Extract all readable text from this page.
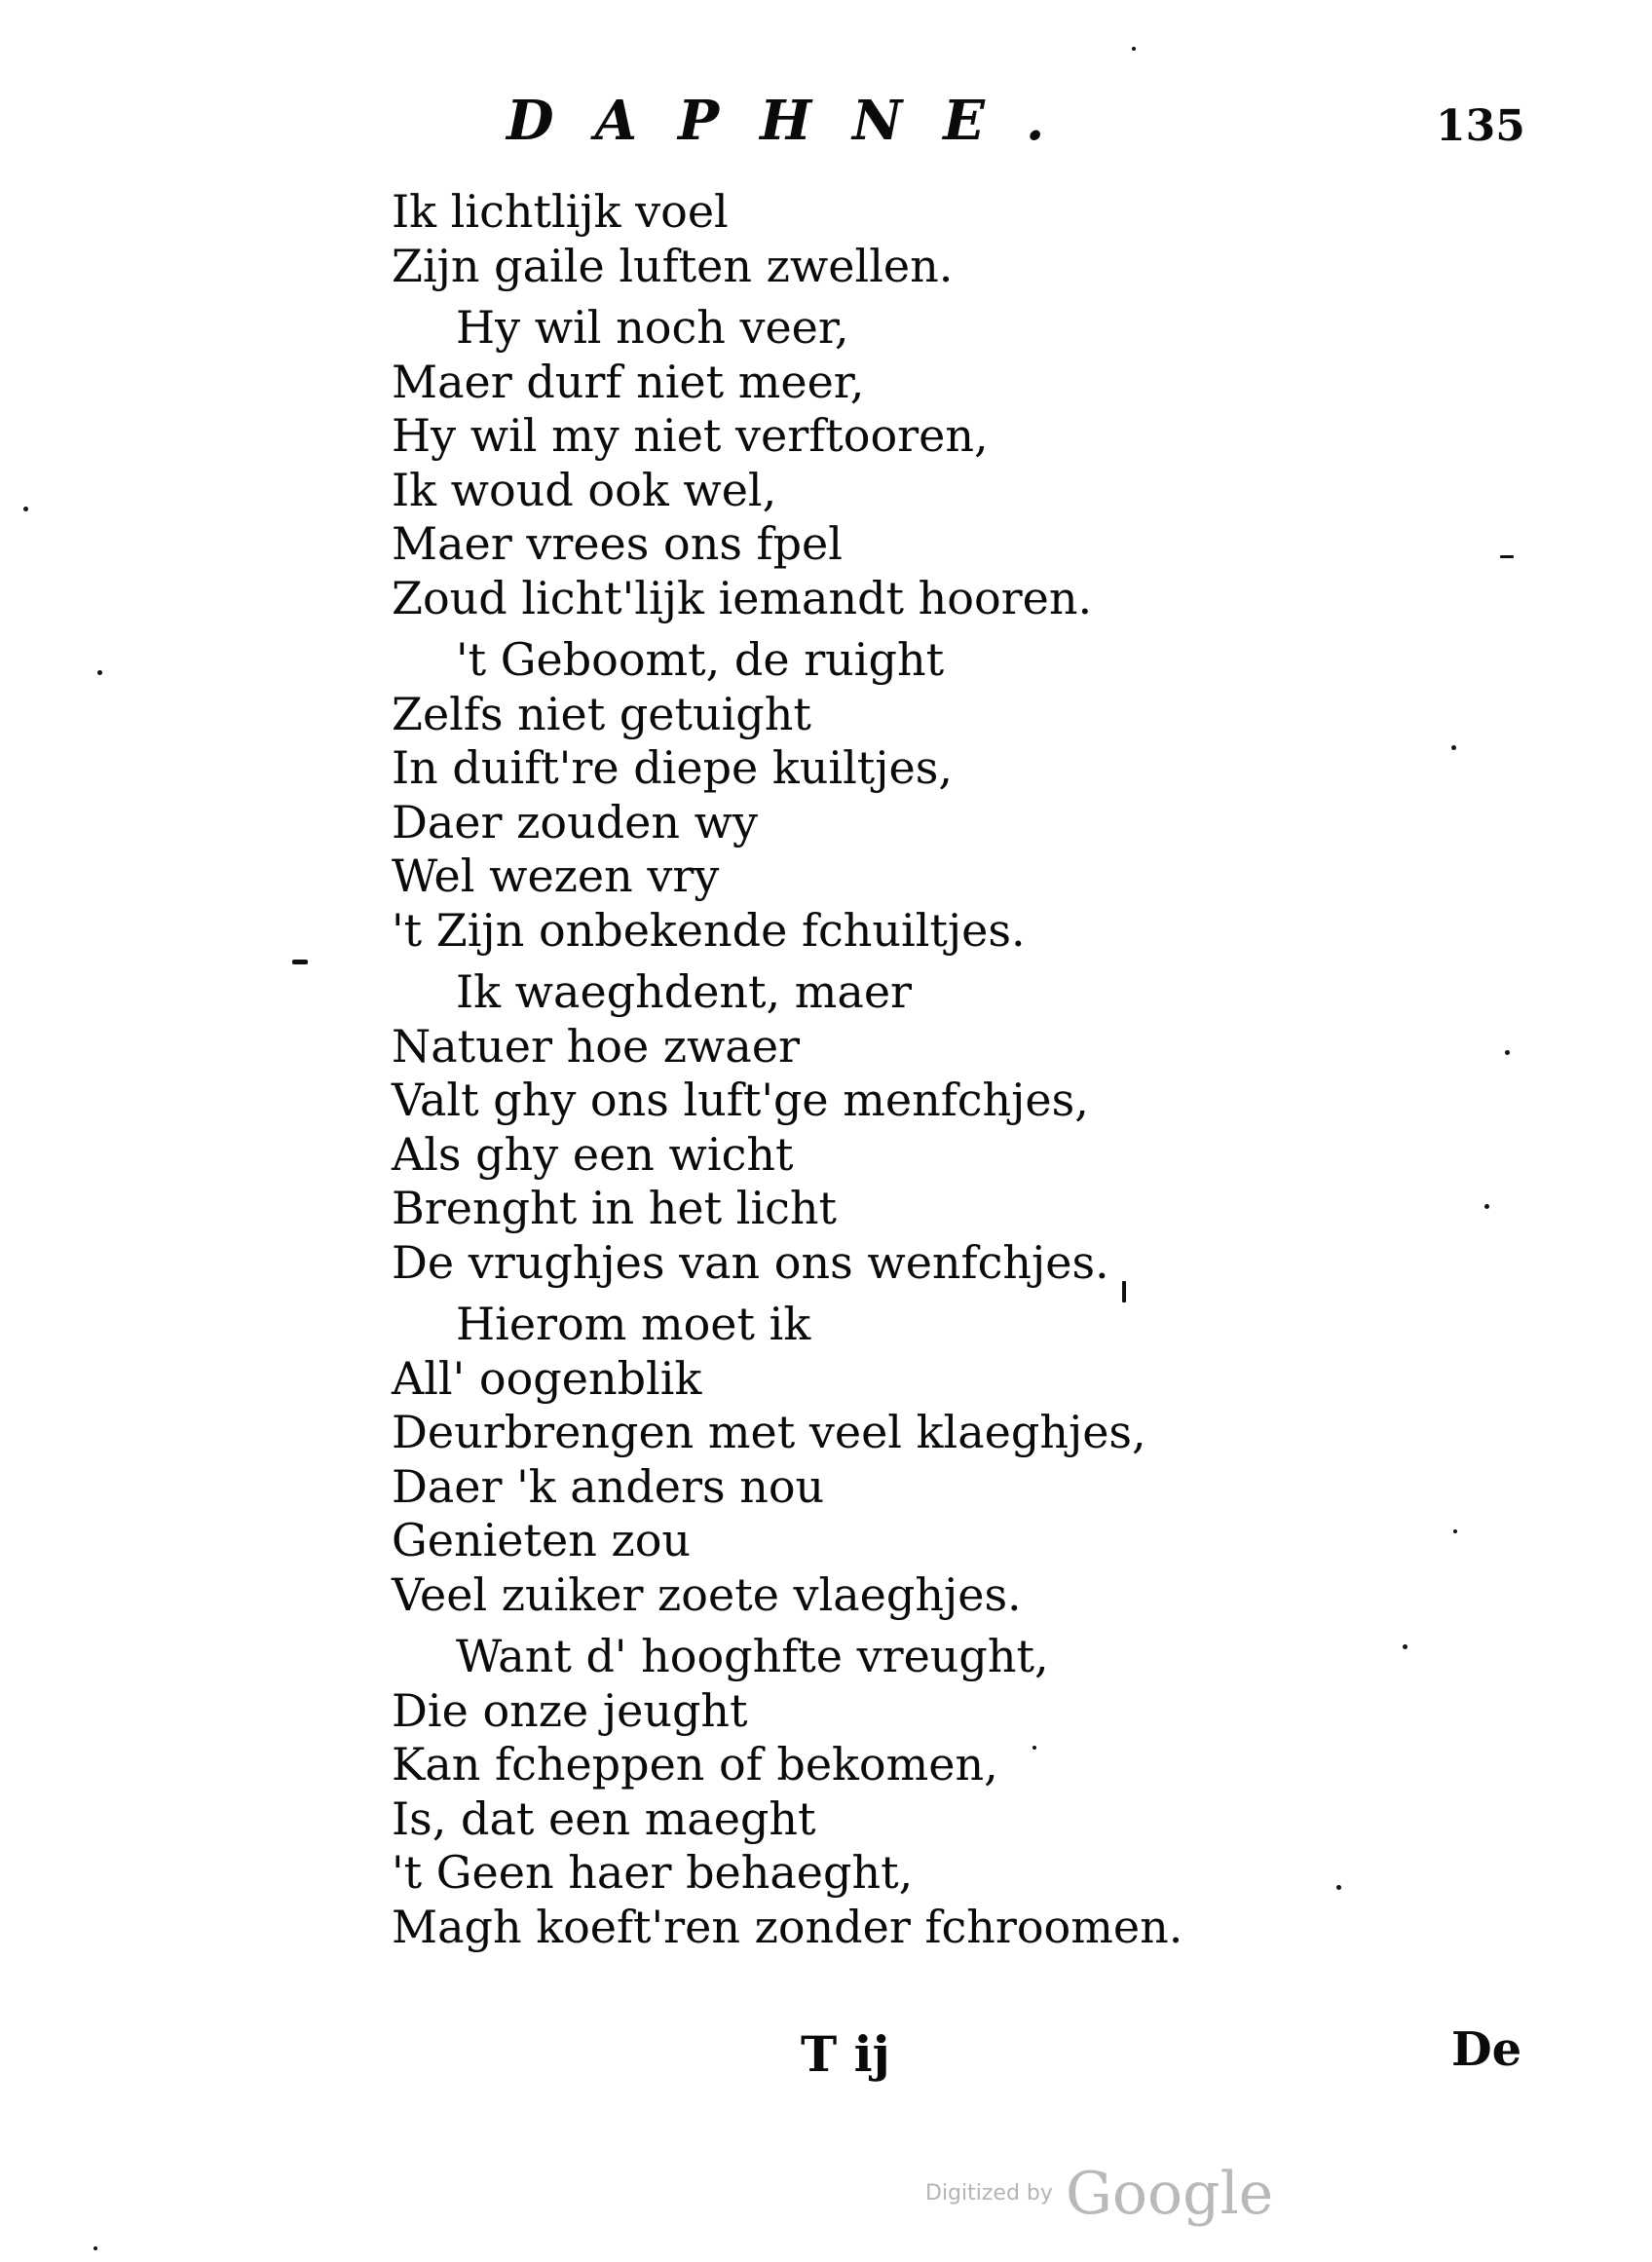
DAPHNE.	135
Ik lichtlijk voel
Zijn gaile luften zwellen.
Hy wil noch veer,
Maer durf niet meer,
Hy wil my niet verftooren,
Ik woud ook wel,
Maer vrees ons fpel
Zoud licht'lijk iemandt hooren.
't Geboomt, de ruight
Zelfs niet getuight
In duift're diepe kuiltjes,
Daer zouden wy
Wel wezen vry
't Zijn onbekende fchuiltjes.
Ik waeghdent, maer
Natuer hoe zwaer
Valt ghy ons luft'ge menfchjes,
Als ghy een wicht
Brenght in het licht
De vrughjes van ons wenfchjes.
Hierom moet ik
All' oogenblik
Deurbrengen met veel klaeghjes,
Daer 'k anders nou
Genieten zou
Veel zuiker zoete vlaeghjes.
Want d' hooghfte vreught,
Die onze jeught
Kan fcheppen of bekomen,
Is, dat een maeght
't Geen haer behaeght,
Magh koeft'ren zonder fchroomen.
T ij	De
Digitized by Google
